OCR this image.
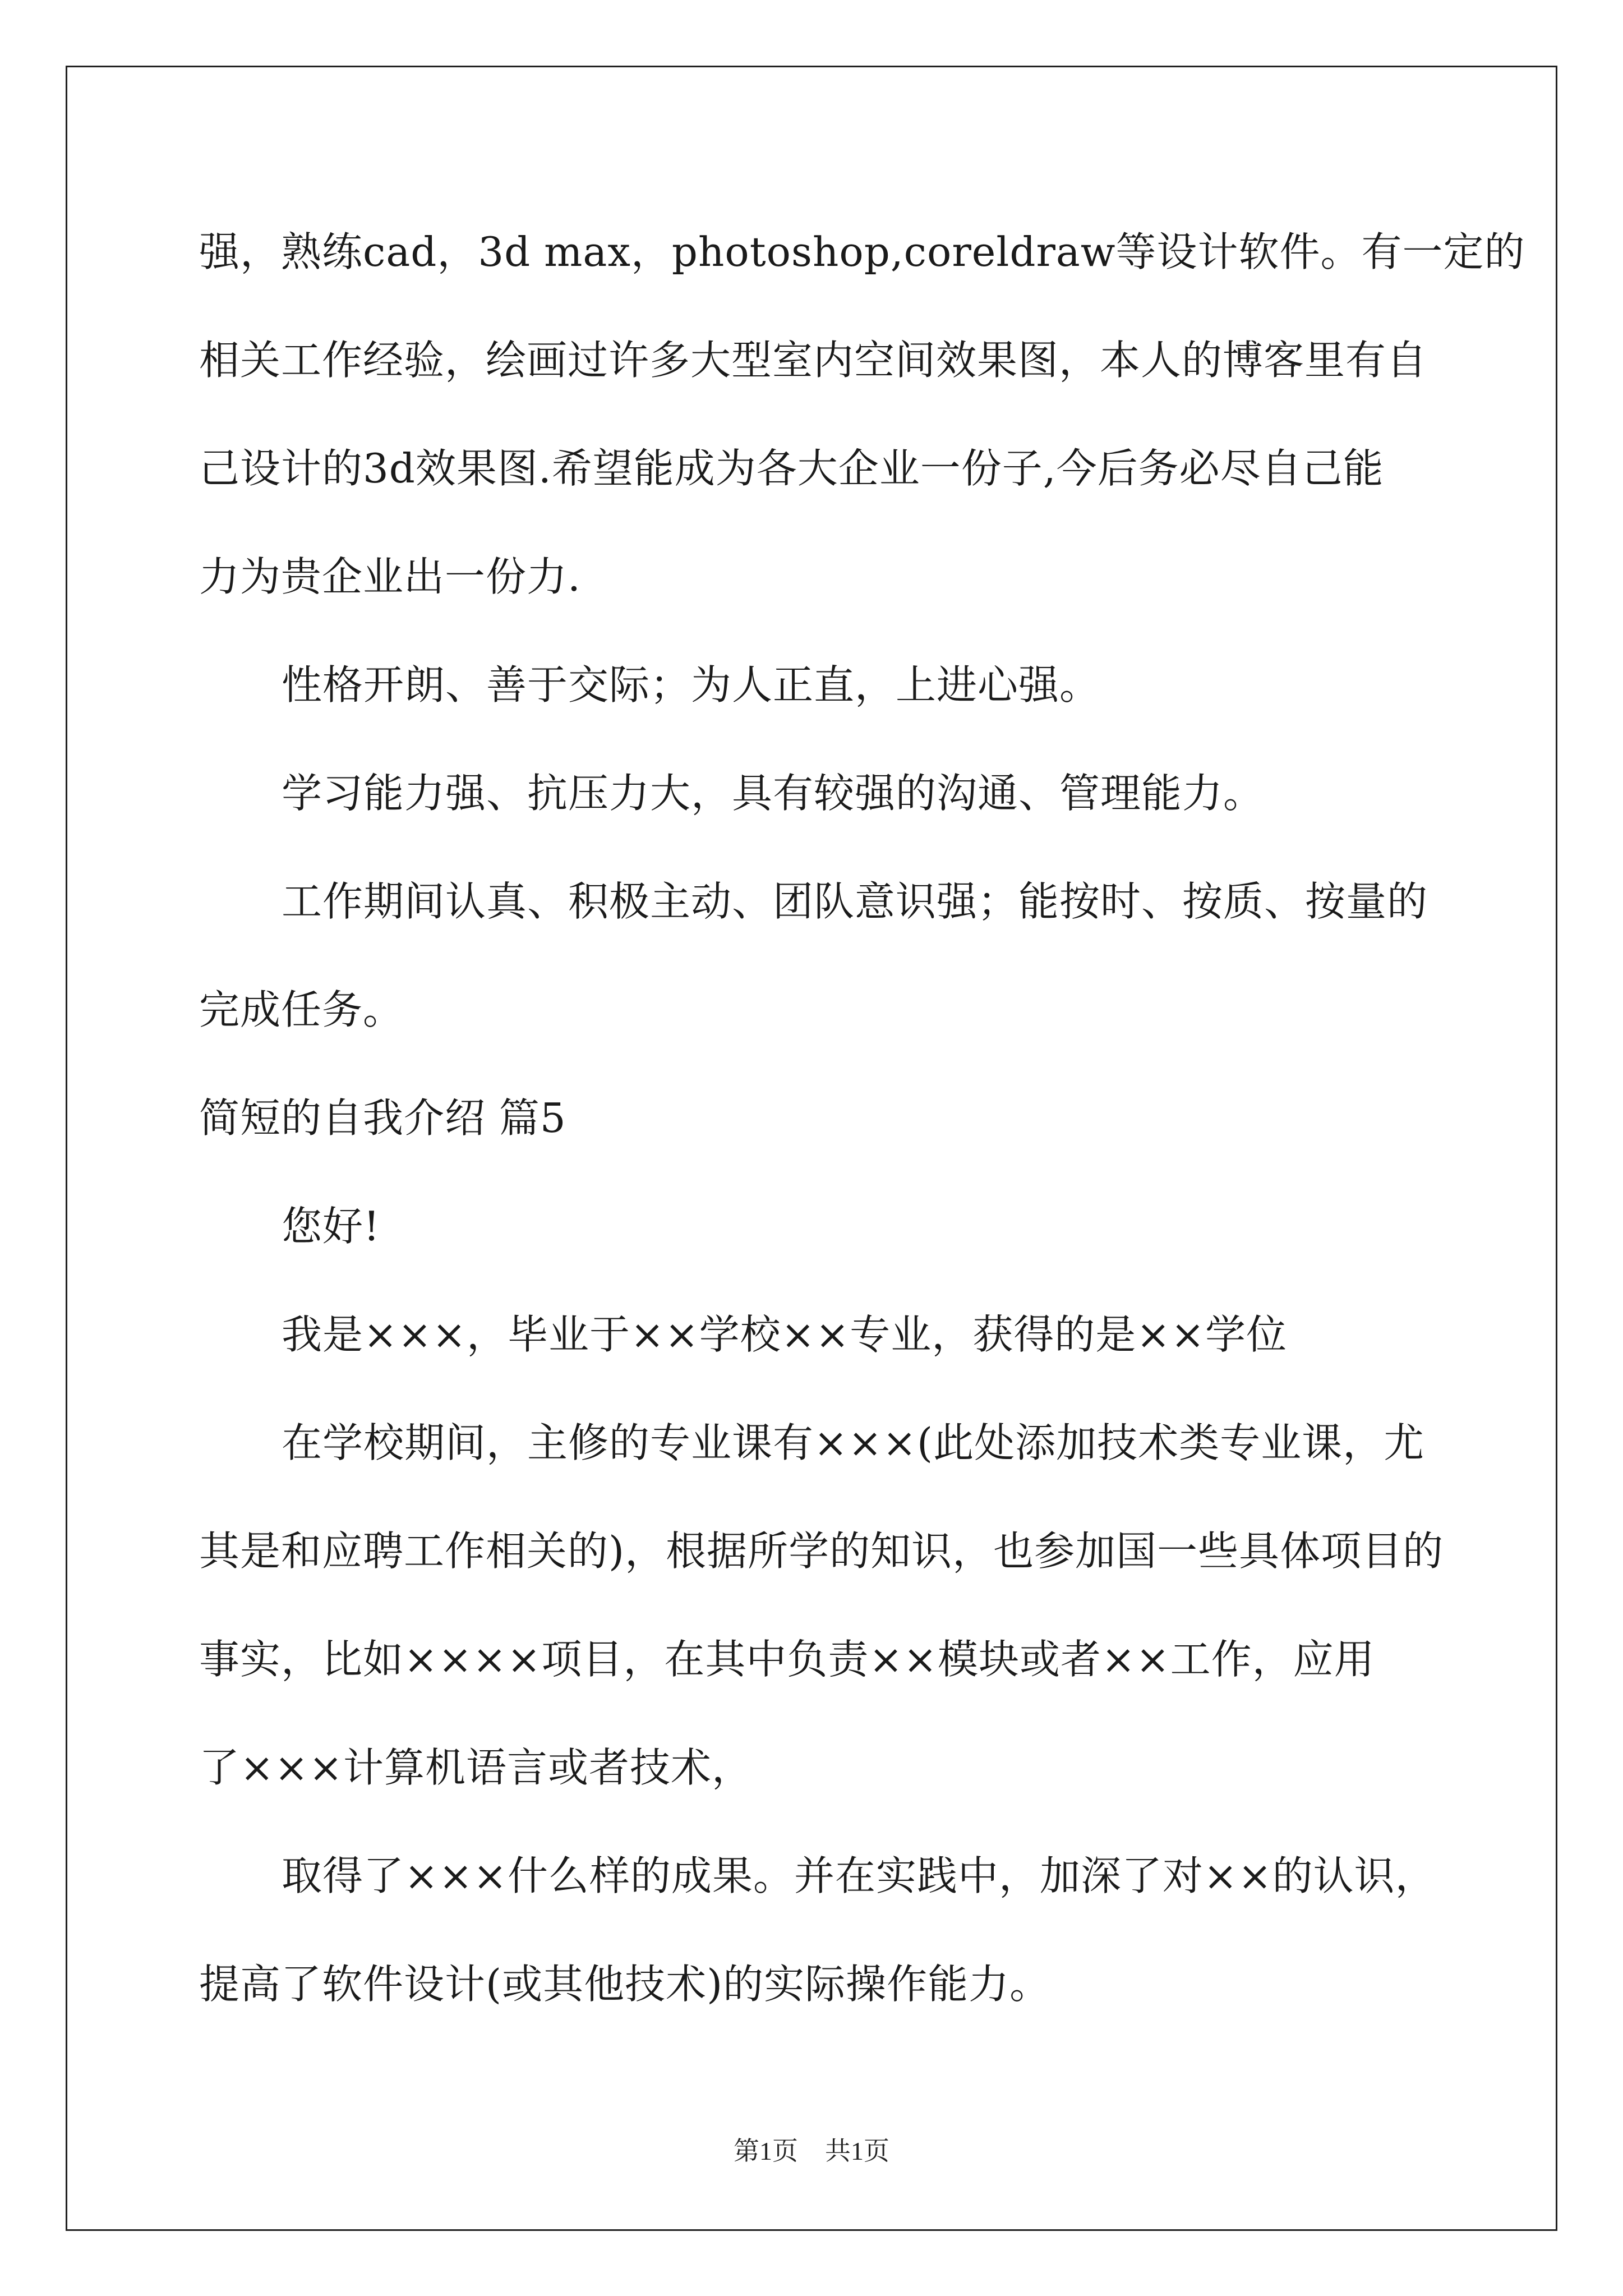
强，熟练cad，3d max，photoshop,coreldraw等设计软件。有一定的
相关工作经验，绘画过许多大型室内空间效果图，本人的博客里有自
己设计的3d效果图.希望能成为各大企业一份子,今后务必尽自己能
力为贵企业出一份力.
性格开朗、善于交际；为人正直，上进心强。
学习能力强、抗压力大，具有较强的沟通、管理能力。
工作期间认真、积极主动、团队意识强；能按时、按质、按量的
完成任务。
简短的自我介绍 篇5
您好!
我是×××，毕业于××学校××专业，获得的是××学位
在学校期间，主修的专业课有×××(此处添加技术类专业课，尤
其是和应聘工作相关的)，根据所学的知识，也参加国一些具体项目的
事实，比如××××项目，在其中负责××模块或者××工作，应用
了×××计算机语言或者技术，
取得了×××什么样的成果。并在实践中，加深了对××的认识，
提高了软件设计(或其他技术)的实际操作能力。
第1页 共1页
